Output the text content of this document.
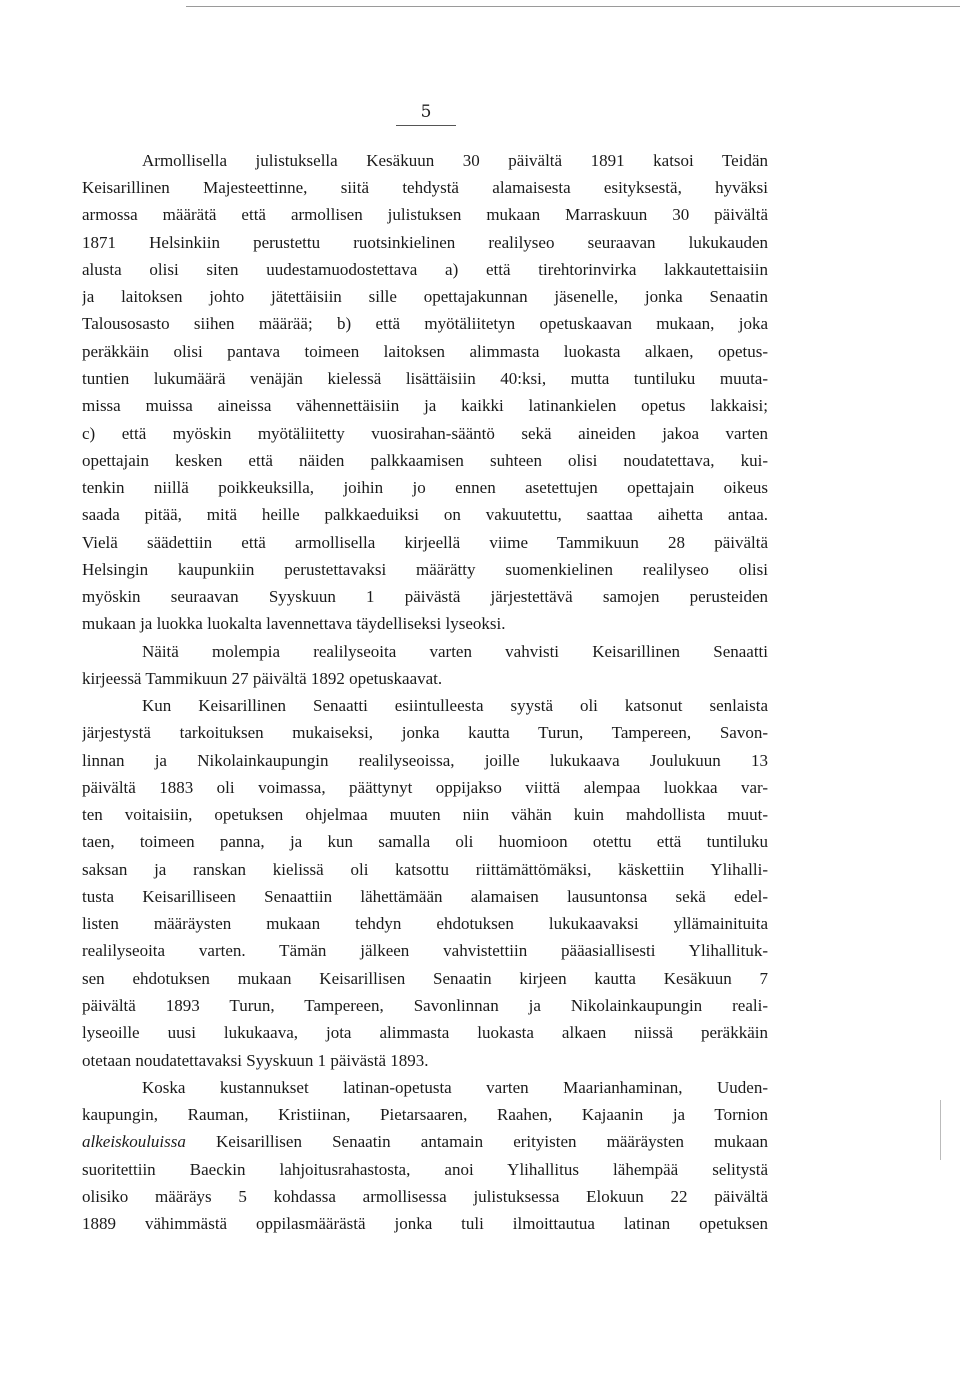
5
Armollisella julistuksella Kesäkuun 30 päivältä 1891 katsoi Teidän
Keisarillinen Majesteettinne, siitä tehdystä alamaisesta esityksestä, hyväksi
armossa määrätä että armollisen julistuksen mukaan Marraskuun 30 päivältä
1871 Helsinkiin perustettu ruotsinkielinen realilyseo seuraavan lukukauden
alusta olisi siten uudestamuodostettava a) että tirehtorinvirka lakkautettaisiin
ja laitoksen johto jätettäisiin sille opettajakunnan jäsenelle, jonka Senaatin
Talousosasto siihen määrää; b) että myötäliitetyn opetuskaavan mukaan, joka
peräkkäin olisi pantava toimeen laitoksen alimmasta luokasta alkaen, opetus-
tuntien lukumäärä venäjän kielessä lisättäisiin 40:ksi, mutta tuntiluku muuta-
missa muissa aineissa vähennettäisiin ja kaikki latinankielen opetus lakkaisi;
c) että myöskin myötäliitetty vuosirahan-sääntö sekä aineiden jakoa varten
opettajain kesken että näiden palkkaamisen suhteen olisi noudatettava, kui-
tenkin niillä poikkeuksilla, joihin jo ennen asetettujen opettajain oikeus
saada pitää, mitä heille palkkaeduiksi on vakuutettu, saattaa aihetta antaa.
Vielä säädettiin että armollisella kirjeellä viime Tammikuun 28 päivältä
Helsingin kaupunkiin perustettavaksi määrätty suomenkielinen realilyseo olisi
myöskin seuraavan Syyskuun 1 päivästä järjestettävä samojen perusteiden
mukaan ja luokka luokalta lavennettava täydelliseksi lyseoksi.
Näitä molempia realilyseoita varten vahvisti Keisarillinen Senaatti
kirjeessä Tammikuun 27 päivältä 1892 opetuskaavat.
Kun Keisarillinen Senaatti esiintulleesta syystä oli katsonut senlaista
järjestystä tarkoituksen mukaiseksi, jonka kautta Turun, Tampereen, Savon-
linnan ja Nikolainkaupungin realilyseoissa, joille lukukaava Joulukuun 13
päivältä 1883 oli voimassa, päättynyt oppijakso viittä alempaa luokkaa var-
ten voitaisiin, opetuksen ohjelmaa muuten niin vähän kuin mahdollista muut-
taen, toimeen panna, ja kun samalla oli huomioon otettu että tuntiluku
saksan ja ranskan kielissä oli katsottu riittämättömäksi, käskettiin Ylihalli-
tusta Keisarilliseen Senaattiin lähettämään alamaisen lausuntonsa sekä edel-
listen määräysten mukaan tehdyn ehdotuksen lukukaavaksi yllämainituita
realilyseoita varten. Tämän jälkeen vahvistettiin pääasiallisesti Ylihallituk-
sen ehdotuksen mukaan Keisarillisen Senaatin kirjeen kautta Kesäkuun 7
päivältä 1893 Turun, Tampereen, Savonlinnan ja Nikolainkaupungin reali-
lyseoille uusi lukukaava, jota alimmasta luokasta alkaen niissä peräkkäin
otetaan noudatettavaksi Syyskuun 1 päivästä 1893.
Koska kustannukset latinan-opetusta varten Maarianhaminan, Uuden-
kaupungin, Rauman, Kristiinan, Pietarsaaren, Raahen, Kajaanin ja Tornion
alkeiskouluissa Keisarillisen Senaatin antamain erityisten määräysten mukaan
suoritettiin Baeckin lahjoitusrahastosta, anoi Ylihallitus lähempää selitystä
olisiko määräys 5 kohdassa armollisessa julistuksessa Elokuun 22 päivältä
1889 vähimmästä oppilasmäärästä jonka tuli ilmoittautua latinan opetuksen
